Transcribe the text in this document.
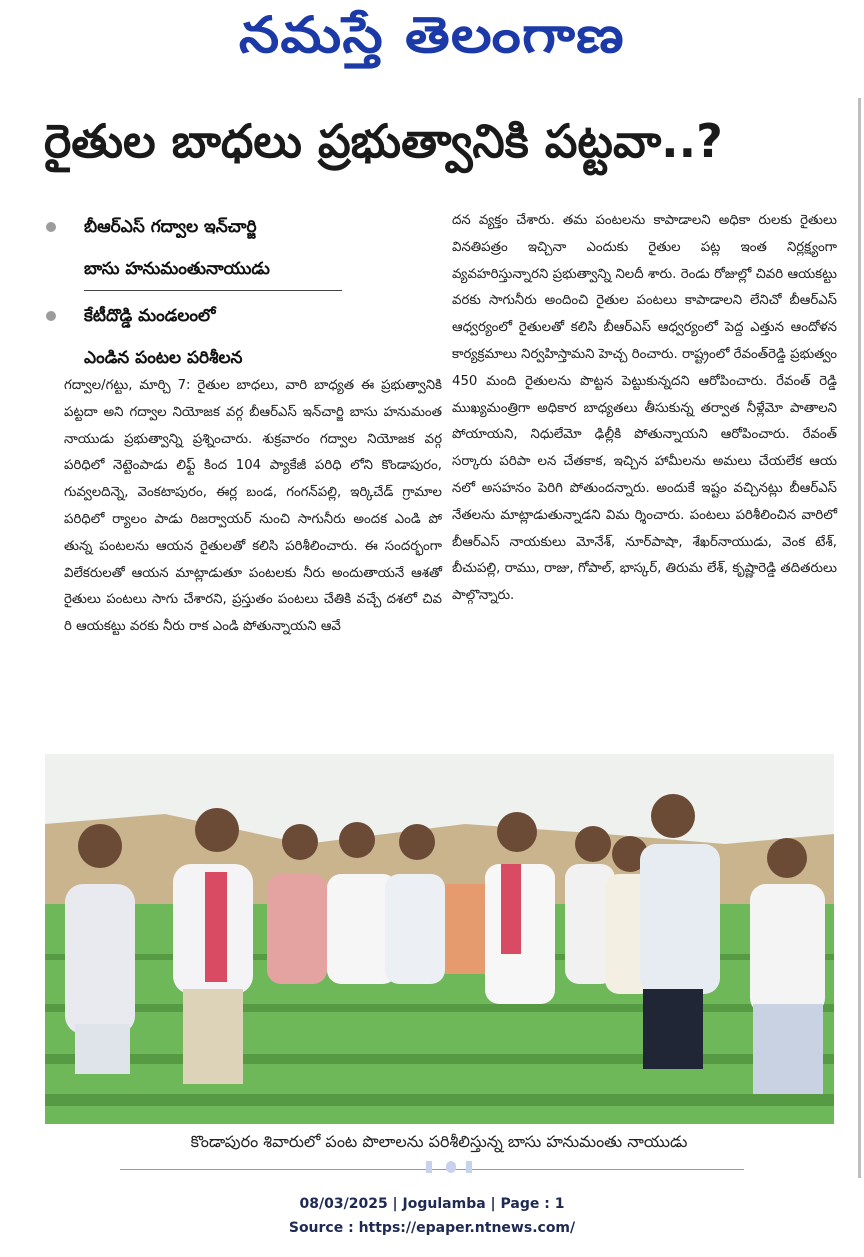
నమస్తే తెలంగాణ
రైతుల బాధలు ప్రభుత్వానికి పట్టవా..?
బీఆర్‌ఎస్ గద్వాల ఇన్‌చార్జి
బాసు హనుమంతునాయుడు
కేటీదొడ్డి మండలంలో
ఎండిన పంటల పరిశీలన
గద్వాల/గట్టు, మార్చి 7: రైతుల బాధలు, వారి బాధ్యత ఈ ప్రభుత్వానికి పట్టదా అని గద్వాల నియోజక వర్గ బీఆర్‌ఎస్ ఇన్‌చార్జి బాసు హనుమంత నాయుడు ప్రభుత్వాన్ని ప్రశ్నించారు. శుక్రవారం గద్వాల నియోజక వర్గ పరిధిలో నెట్టెంపాడు లిఫ్ట్ కింద 104 ప్యాకేజీ పరిధి లోని కొండాపురం, గువ్వలదిన్నె, వెంకటాపురం, ఈర్ల బండ, గంగన్‌పల్లి, ఇర్కిచేడ్ గ్రామాల పరిధిలో ర్యాలం పాడు రిజర్వాయర్ నుంచి సాగునీరు అందక ఎండి పో తున్న పంటలను ఆయన రైతులతో కలిసి పరిశీలించారు. ఈ సందర్భంగా విలేకరులతో ఆయన మాట్లాడుతూ పంటలకు నీరు అందుతాయనే ఆశతో రైతులు పంటలు సాగు చేశారని, ప్రస్తుతం పంటలు చేతికి వచ్చే దశలో చివ రి ఆయకట్టు వరకు నీరు రాక ఎండి పోతున్నాయని ఆవే
దన వ్యక్తం చేశారు. తమ పంటలను కాపాడాలని అధికా రులకు రైతులు వినతిపత్రం ఇచ్చినా ఎందుకు రైతుల పట్ల ఇంత నిర్లక్ష్యంగా వ్యవహరిస్తున్నారని ప్రభుత్వాన్ని నిలదీ శారు. రెండు రోజుల్లో చివరి ఆయకట్టు వరకు సాగునీరు అందించి రైతుల పంటలు కాపాడాలని లేనిచో బీఆర్‌ఎస్ ఆధ్వర్యంలో రైతులతో కలిసి బీఆర్‌ఎస్ ఆధ్వర్యంలో పెద్ద ఎత్తున ఆందోళన కార్యక్రమాలు నిర్వహిస్తామని హెచ్చ రించారు. రాష్ట్రంలో రేవంత్‌రెడ్డి ప్రభుత్వం 450 మంది రైతులను పొట్టన పెట్టుకున్నదని ఆరోపించారు. రేవంత్ రెడ్డి ముఖ్యమంత్రిగా అధికార బాధ్యతలు తీసుకున్న తర్వాత నీళ్లేమో పాతాలని పోయాయని, నిధులేమో ఢిల్లీకి పోతున్నాయని ఆరోపించారు. రేవంత్ సర్కారు పరిపా లన చేతకాక, ఇచ్చిన హామీలను అమలు చేయలేక ఆయ నలో అసహనం పెరిగి పోతుందన్నారు. అందుకే ఇష్టం వచ్చినట్లు బీఆర్‌ఎస్ నేతలను మాట్లాడుతున్నాడని విమ ర్శించారు. పంటలు పరిశీలించిన వారిలో బీఆర్‌ఎస్ నాయకులు మోనేశ్, నూర్‌పాషా, శేఖర్‌నాయుడు, వెంక టేశ్, బీచుపల్లి, రాము, రాజు, గోపాల్, భాస్కర్, తిరుమ లేశ్, కృష్ణారెడ్డి తదితరులు పాల్గొన్నారు.
కొండాపురం శివారులో పంట పొలాలను పరిశీలిస్తున్న బాసు హనుమంతు నాయుడు
08/03/2025 | Jogulamba | Page : 1
Source : https://epaper.ntnews.com/
